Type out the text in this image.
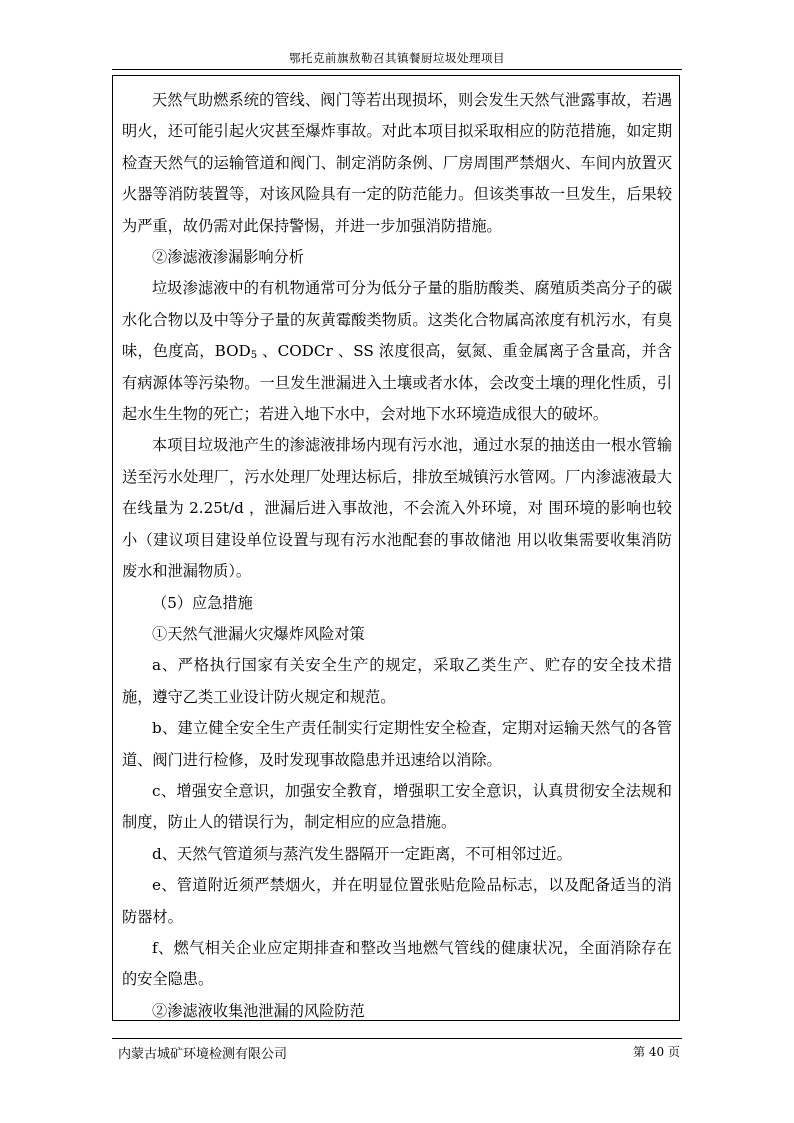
鄂托克前旗敖勒召其镇餐厨垃圾处理项目

天然气助燃系统的管线、阀门等若出现损坏，则会发生天然气泄露事故，若遇明火，还可能引起火灾甚至爆炸事故。对此本项目拟采取相应的防范措施，如定期检查天然气的运输管道和阀门、制定消防条例、厂房周围严禁烟火、车间内放置灭火器等消防装置等，对该风险具有一定的防范能力。但该类事故一旦发生，后果较为严重，故仍需对此保持警惕，并进一步加强消防措施。

②渗滤液渗漏影响分析

垃圾渗滤液中的有机物通常可分为低分子量的脂肪酸类、腐殖质类高分子的碳水化合物以及中等分子量的灰黄霉酸类物质。这类化合物属高浓度有机污水，有臭味，色度高，$BOD_5$ 、CODCr 、SS 浓度很高，氨氮、重金属离子含量高，并含有病源体等污染物。一旦发生泄漏进入土壤或者水体，会改变土壤的理化性质，引起水生生物的死亡；若进入地下水中，会对地下水环境造成很大的破坏。

本项目垃圾池产生的渗滤液排场内现有污水池，通过水泵的抽送由一根水管输送至污水处理厂，污水处理厂处理达标后，排放至城镇污水管网。厂内渗滤液最大在线量为 2.25t/d ，泄漏后进入事故池，不会流入外环境，对 围环境的影响也较小（建议项目建设单位设置与现有污水池配套的事故储池 用以收集需要收集消防废水和泄漏物质）。

（5）应急措施

①天然气泄漏火灾爆炸风险对策

a、严格执行国家有关安全生产的规定，采取乙类生产、贮存的安全技术措施，遵守乙类工业设计防火规定和规范。

b、建立健全安全生产责任制实行定期性安全检查，定期对运输天然气的各管道、阀门进行检修，及时发现事故隐患并迅速给以消除。

c、增强安全意识，加强安全教育，增强职工安全意识，认真贯彻安全法规和制度，防止人的错误行为，制定相应的应急措施。

d、天然气管道须与蒸汽发生器隔开一定距离，不可相邻过近。

e、管道附近须严禁烟火，并在明显位置张贴危险品标志，以及配备适当的消防器材。

f、燃气相关企业应定期排查和整改当地燃气管线的健康状况，全面消除存在的安全隐患。

②渗滤液收集池泄漏的风险防范

内蒙古城矿环境检测有限公司	第 40 页
